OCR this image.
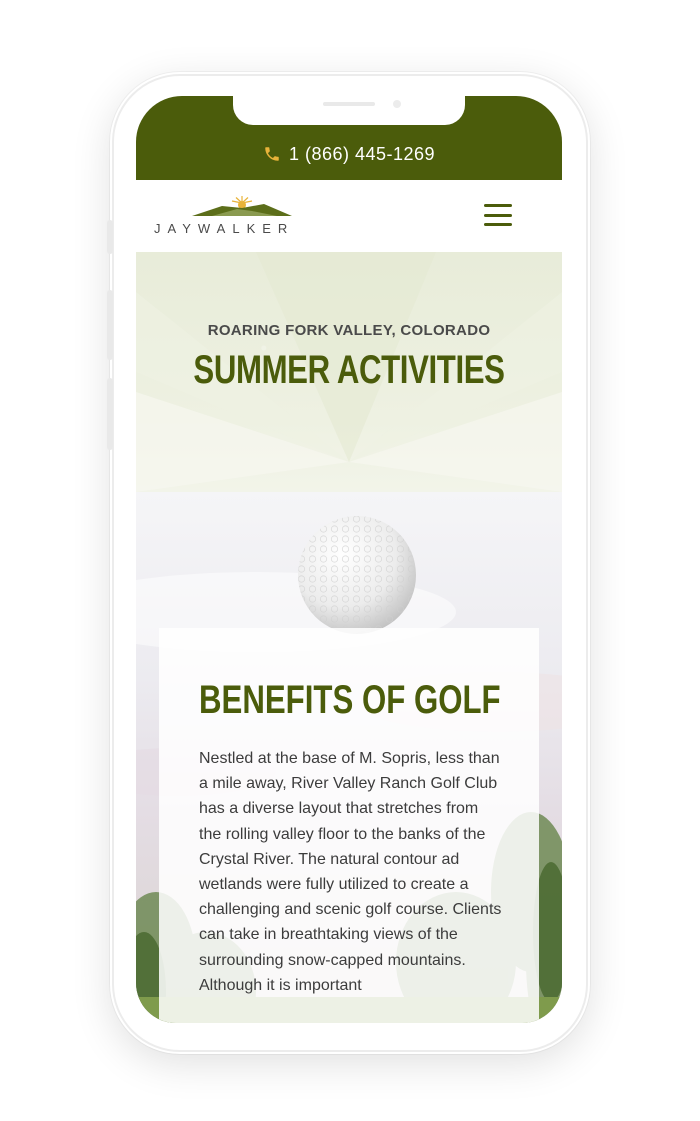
1 (866) 445-1269
JAYWALKER
ROARING FORK VALLEY, COLORADO
SUMMER ACTIVITIES
BENEFITS OF GOLF

Nestled at the base of M. Sopris, less than a mile away, River Valley Ranch Golf Club has a diverse layout that stretches from the rolling valley floor to the banks of the Crystal River. The natural contour ad wetlands were fully utilized to create a challenging and scenic golf course. Clients can take in breathtaking views of the surrounding snow-capped mountains. Although it is important
